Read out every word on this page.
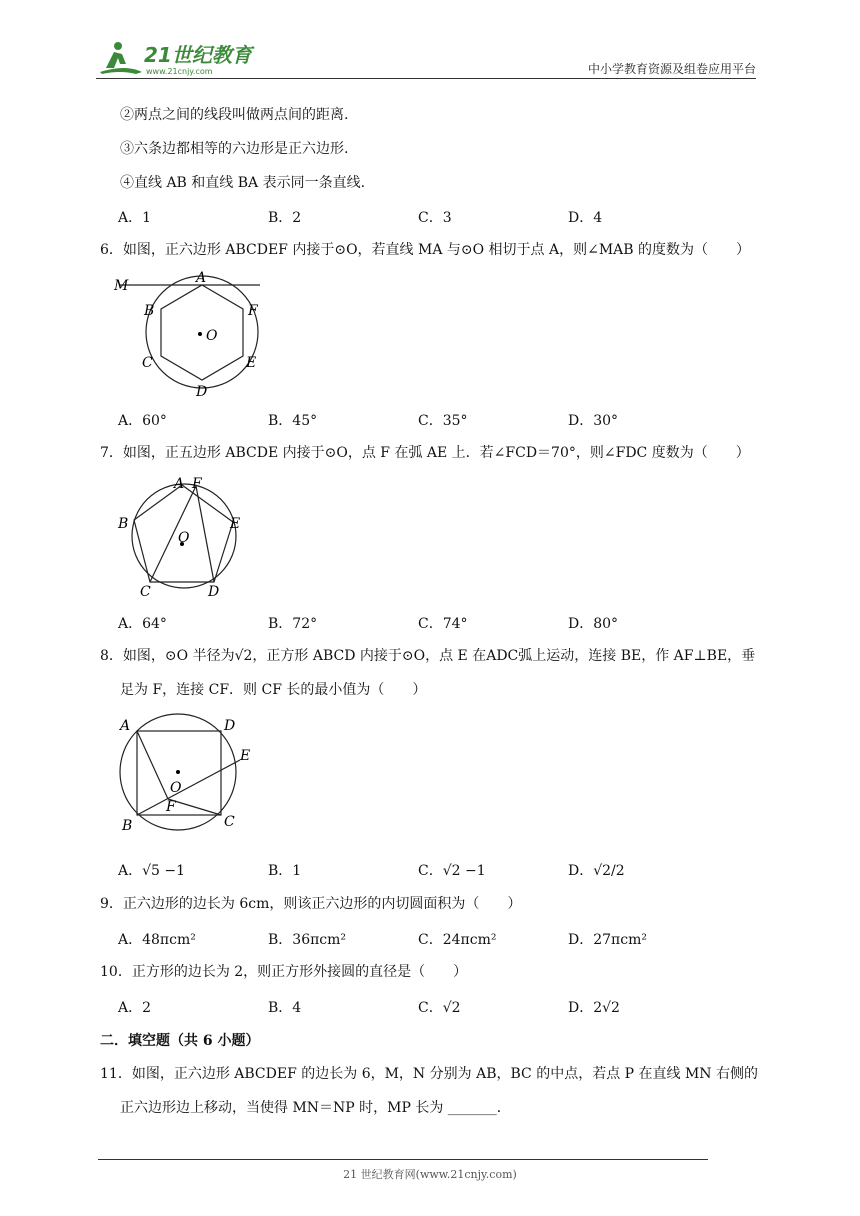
21世纪教育
www.21cnjy.com	中小学教育资源及组卷应用平台
②两点之间的线段叫做两点间的距离.
③六条边都相等的六边形是正六边形.
④直线 AB 和直线 BA 表示同一条直线.
A．1	B．2	C．3	D．4
6．如图，正六边形 ABCDEF 内接于⊙O，若直线 MA 与⊙O 相切于点 A，则∠MAB 的度数为（　　）
M	A
B	F
O
C	E
D
A．60°	B．45°	C．35°	D．30°
7．如图，正五边形 ABCDE 内接于⊙O，点 F 在弧 AE 上．若∠FCD＝70°，则∠FDC 度数为（　　）
A F
B	E
O
C	D
A．64°	B．72°	C．74°	D．80°
8．如图，⊙O 半径为√2，正方形 ABCD 内接于⊙O，点 E 在ADC弧上运动，连接 BE，作 AF⊥BE，垂
足为 F，连接 CF．则 CF 长的最小值为（　　）
A	D
E
O
F
B	C
A．√5 −1	B．1	C．√2 −1	D．√2/2
9．正六边形的边长为 6cm，则该正六边形的内切圆面积为（　　）
A．48πcm²	B．36πcm²	C．24πcm²	D．27πcm²
10．正方形的边长为 2，则正方形外接圆的直径是（　　）
A．2	B．4	C．√2	D．2√2
二．填空题（共 6 小题）
11．如图，正六边形 ABCDEF 的边长为 6，M，N 分别为 AB，BC 的中点，若点 P 在直线 MN 右侧的
正六边形边上移动，当使得 MN＝NP 时，MP 长为 _______．
21 世纪教育网(www.21cnjy.com)
